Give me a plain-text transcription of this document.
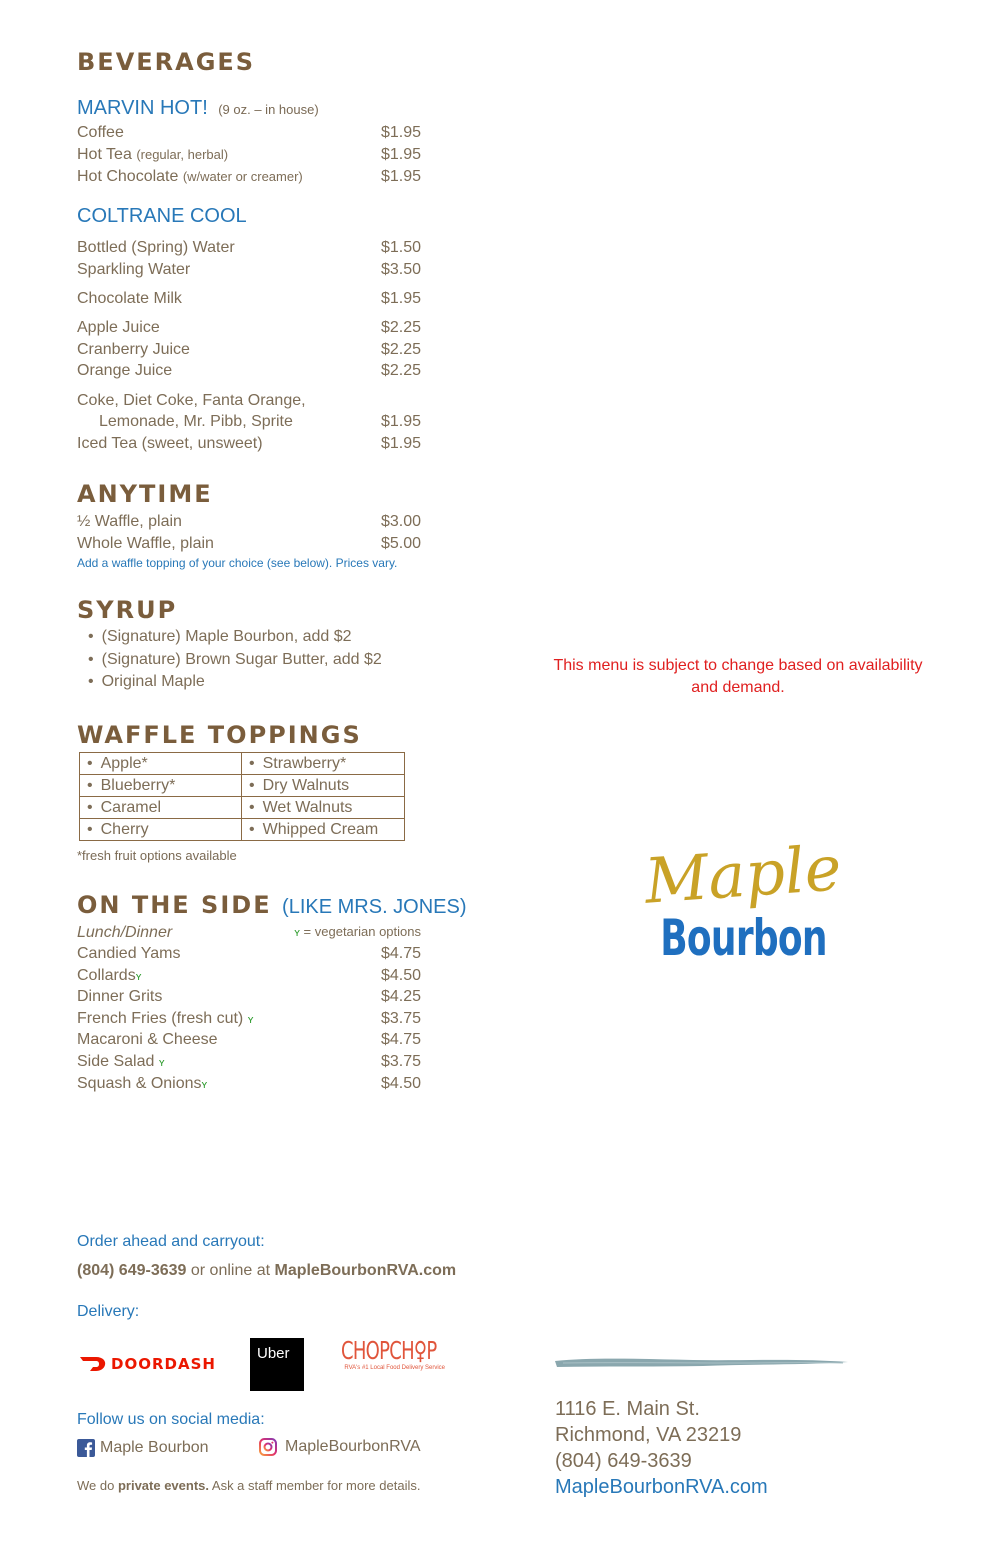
BEVERAGES
MARVIN HOT! (9 oz. – in house)
Coffee	$1.95
Hot Tea (regular, herbal)	$1.95
Hot Chocolate (w/water or creamer)	$1.95
COLTRANE COOL
Bottled (Spring) Water	$1.50
Sparkling Water	$3.50
Chocolate Milk	$1.95
Apple Juice	$2.25
Cranberry Juice	$2.25
Orange Juice	$2.25
Coke, Diet Coke, Fanta Orange,
Lemonade, Mr. Pibb, Sprite	$1.95
Iced Tea (sweet, unsweet)	$1.95
ANYTIME
½ Waffle, plain	$3.00
Whole Waffle, plain	$5.00
Add a waffle topping of your choice (see below). Prices vary.
SYRUP
• (Signature) Maple Bourbon, add $2
• (Signature) Brown Sugar Butter, add $2
• Original Maple
This menu is subject to change based on availability
and demand.
WAFFLE TOPPINGS
• Apple*	• Strawberry*
• Blueberry*	• Dry Walnuts
• Caramel	• Wet Walnuts
• Cherry	• Whipped Cream
*fresh fruit options available
ON THE SIDE (LIKE MRS. JONES)
Lunch/Dinner	ʏ = vegetarian options
Candied Yams	$4.75
Collardsʏ	$4.50
Dinner Grits	$4.25
French Fries (fresh cut) ʏ	$3.75
Macaroni & Cheese	$4.75
Side Salad ʏ	$3.75
Squash & Onionsʏ	$4.50
Maple
Bourbon
Order ahead and carryout:
(804) 649-3639 or online at MapleBourbonRVA.com
Delivery:
DOORDASH
Uber	CHOPCH♀P
RVA's #1 Local Food Delivery Service
Follow us on social media:
Maple Bourbon	MapleBourbonRVA
We do private events. Ask a staff member for more details.
1116 E. Main St.
Richmond, VA 23219
(804) 649-3639
MapleBourbonRVA.com
